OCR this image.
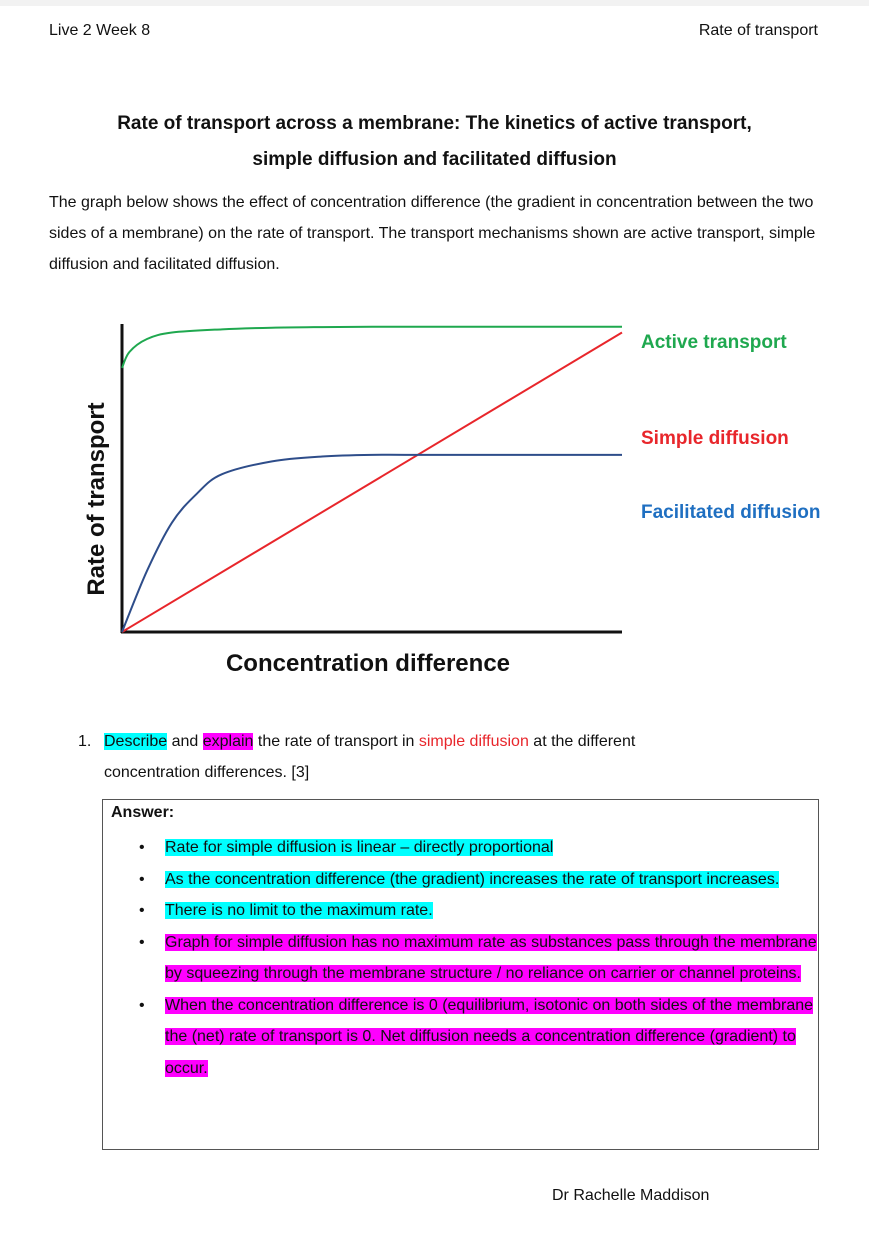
Live 2 Week 8	Rate of transport
Rate of transport across a membrane: The kinetics of active transport,
simple diffusion and facilitated diffusion
The graph below shows the effect of concentration difference (the gradient in concentration between the two sides of a membrane) on the rate of transport. The transport mechanisms shown are active transport, simple diffusion and facilitated diffusion.
Active transport
Simple diffusion
Facilitated diffusion
Concentration difference
Rate of transport
1. Describe and explain the rate of transport in simple diffusion at the different
concentration differences. [3]
Answer:
• Rate for simple diffusion is linear – directly proportional
• As the concentration difference (the gradient) increases the rate of transport increases.
• There is no limit to the maximum rate.
• Graph for simple diffusion has no maximum rate as substances pass through the membrane by squeezing through the membrane structure / no reliance on carrier or channel proteins.
• When the concentration difference is 0 (equilibrium, isotonic on both sides of the membrane the (net) rate of transport is 0. Net diffusion needs a concentration difference (gradient) to occur.
Dr Rachelle Maddison
